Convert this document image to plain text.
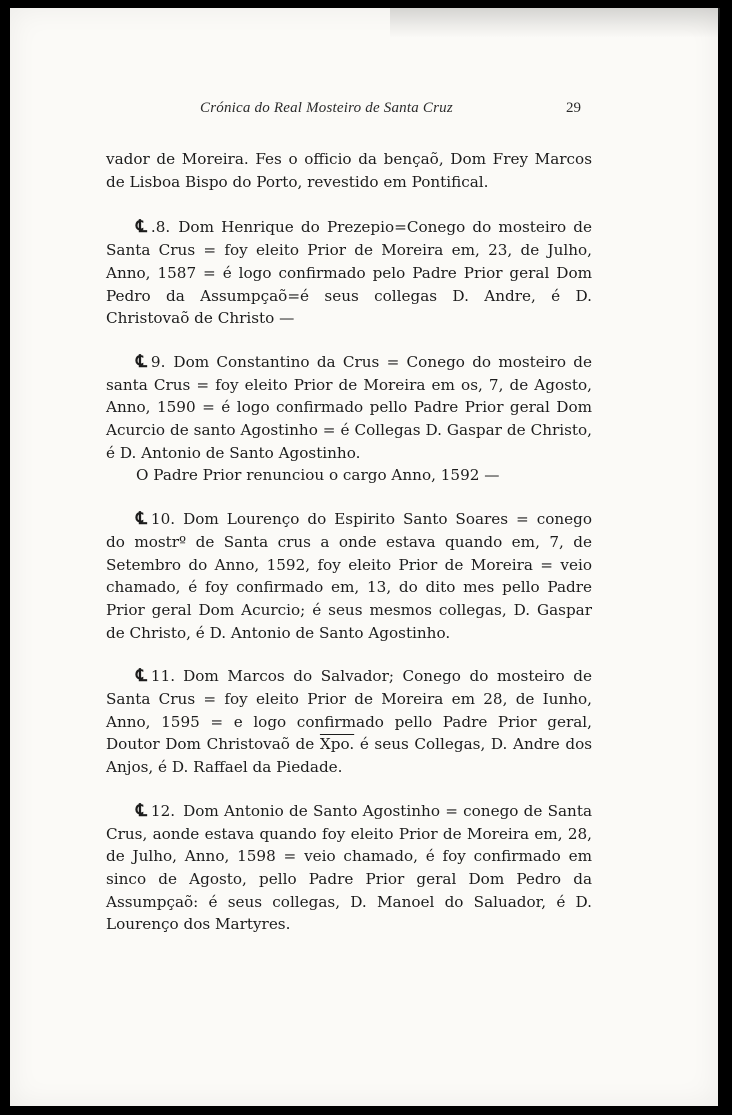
Crónica do Real Mosteiro de Santa Cruz	29

vador de Moreira. Fes o officio da bençaõ, Dom Frey Marcos de Lisboa Bispo do Porto, revestido em Pontifical.

℄ .8. Dom Henrique do Prezepio=Conego do mosteiro de Santa Crus = foy eleito Prior de Moreira em, 23, de Julho, Anno, 1587 = é logo confirmado pelo Padre Prior geral Dom Pedro da Assumpçaõ=é seus collegas D. Andre, é D. Christovaõ de Christo —

℄ 9. Dom Constantino da Crus = Conego do mosteiro de santa Crus = foy eleito Prior de Moreira em os, 7, de Agosto, Anno, 1590 = é logo confirmado pello Padre Prior geral Dom Acurcio de santo Agostinho = é Collegas D. Gaspar de Christo, é D. Antonio de Santo Agostinho.
O Padre Prior renunciou o cargo Anno, 1592 —

℄ 10. Dom Lourenço do Espirito Santo Soares = conego do mostrº de Santa crus a onde estava quando em, 7, de Setembro do Anno, 1592, foy eleito Prior de Moreira = veio chamado, é foy confirmado em, 13, do dito mes pello Padre Prior geral Dom Acurcio; é seus mesmos collegas, D. Gaspar de Christo, é D. Antonio de Santo Agostinho.

℄ 11. Dom Marcos do Salvador; Conego do mosteiro de Santa Crus = foy eleito Prior de Moreira em 28, de Iunho, Anno, 1595 = e logo confirmado pello Padre Prior geral, Doutor Dom Christovaõ de Xpo. é seus Collegas, D. Andre dos Anjos, é D. Raffael da Piedade.

℄ 12. Dom Antonio de Santo Agostinho = conego de Santa Crus, aonde estava quando foy eleito Prior de Moreira em, 28, de Julho, Anno, 1598 = veio chamado, é foy confirmado em sinco de Agosto, pello Padre Prior geral Dom Pedro da Assumpçaõ: é seus collegas, D. Manoel do Saluador, é D. Lourenço dos Martyres.
